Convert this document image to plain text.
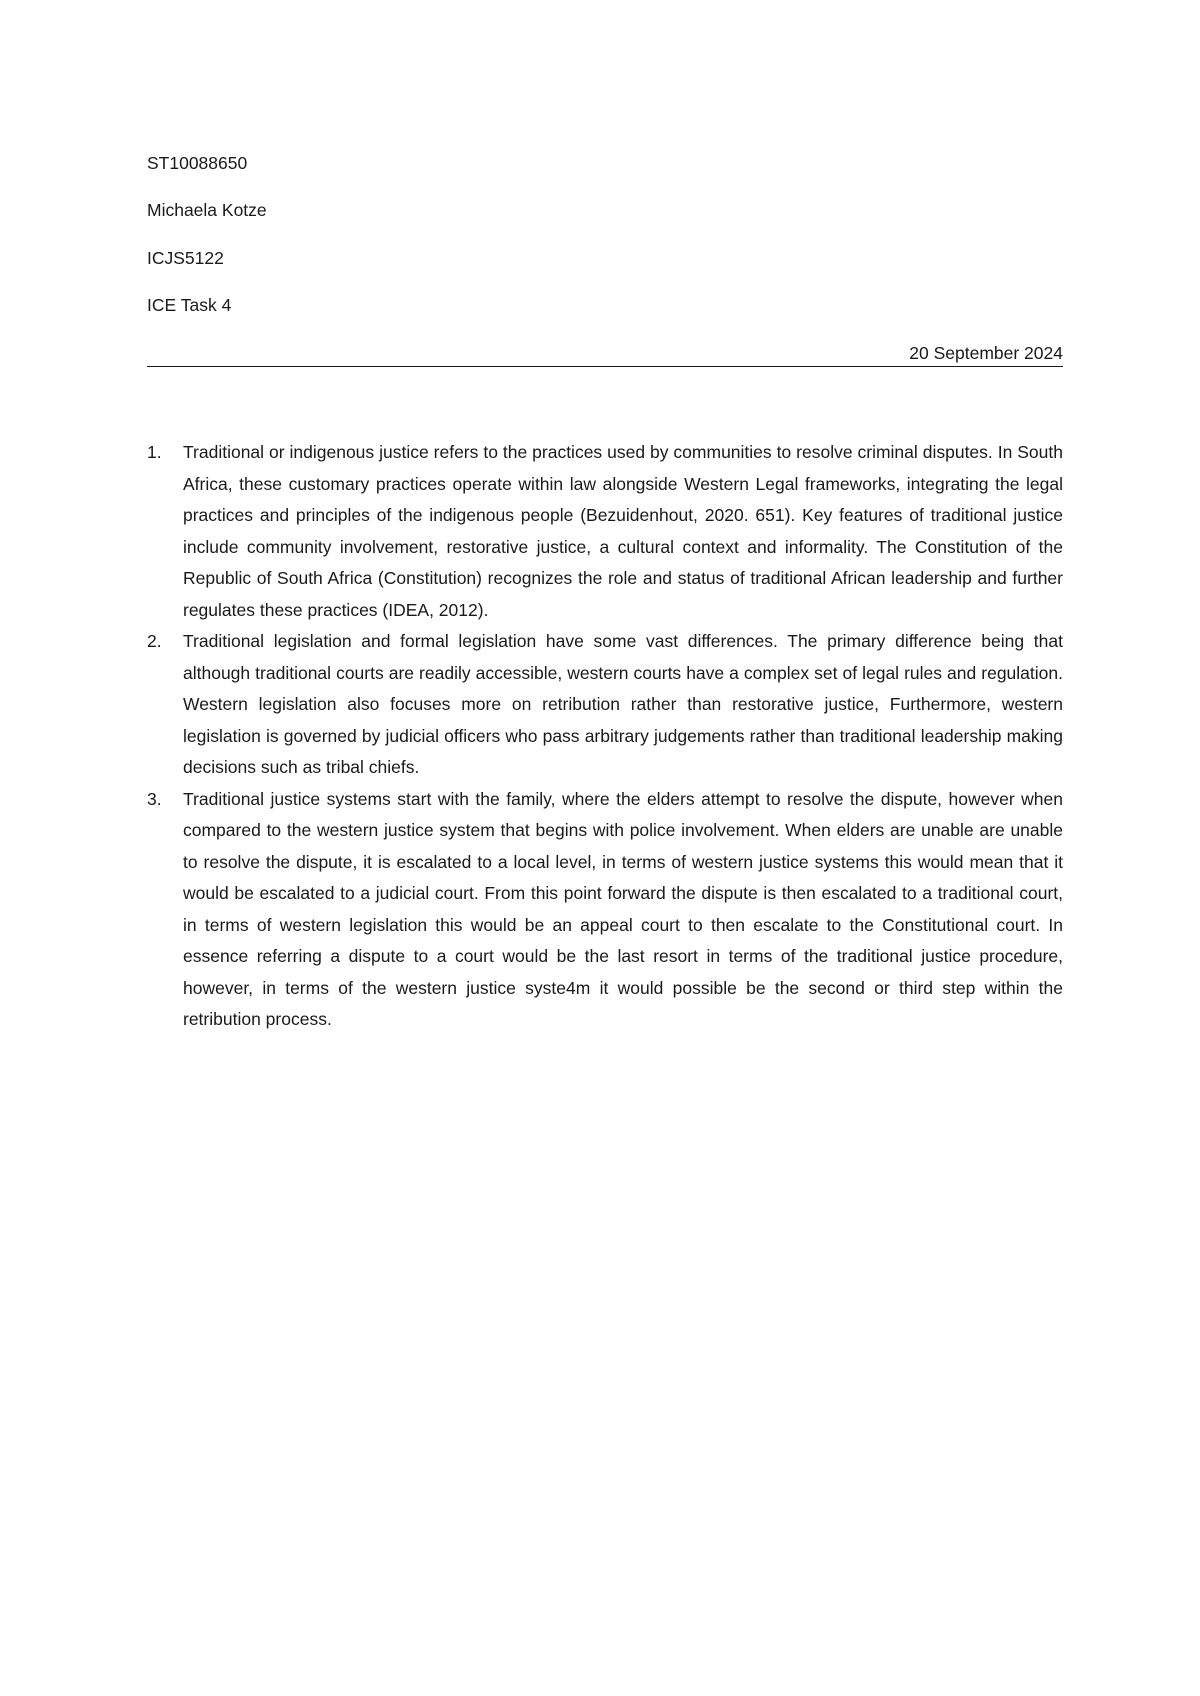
ST10088650

Michaela Kotze

ICJS5122

ICE Task 4

20 September 2024

1. Traditional or indigenous justice refers to the practices used by communities to resolve criminal disputes. In South Africa, these customary practices operate within law alongside Western Legal frameworks, integrating the legal practices and principles of the indigenous people (Bezuidenhout, 2020. 651). Key features of traditional justice include community involvement, restorative justice, a cultural context and informality. The Constitution of the Republic of South Africa (Constitution) recognizes the role and status of traditional African leadership and further regulates these practices (IDEA, 2012).
2. Traditional legislation and formal legislation have some vast differences. The primary difference being that although traditional courts are readily accessible, western courts have a complex set of legal rules and regulation. Western legislation also focuses more on retribution rather than restorative justice, Furthermore, western legislation is governed by judicial officers who pass arbitrary judgements rather than traditional leadership making decisions such as tribal chiefs.
3. Traditional justice systems start with the family, where the elders attempt to resolve the dispute, however when compared to the western justice system that begins with police involvement. When elders are unable are unable to resolve the dispute, it is escalated to a local level, in terms of western justice systems this would mean that it would be escalated to a judicial court. From this point forward the dispute is then escalated to a traditional court, in terms of western legislation this would be an appeal court to then escalate to the Constitutional court. In essence referring a dispute to a court would be the last resort in terms of the traditional justice procedure, however, in terms of the western justice syste4m it would possible be the second or third step within the retribution process.
